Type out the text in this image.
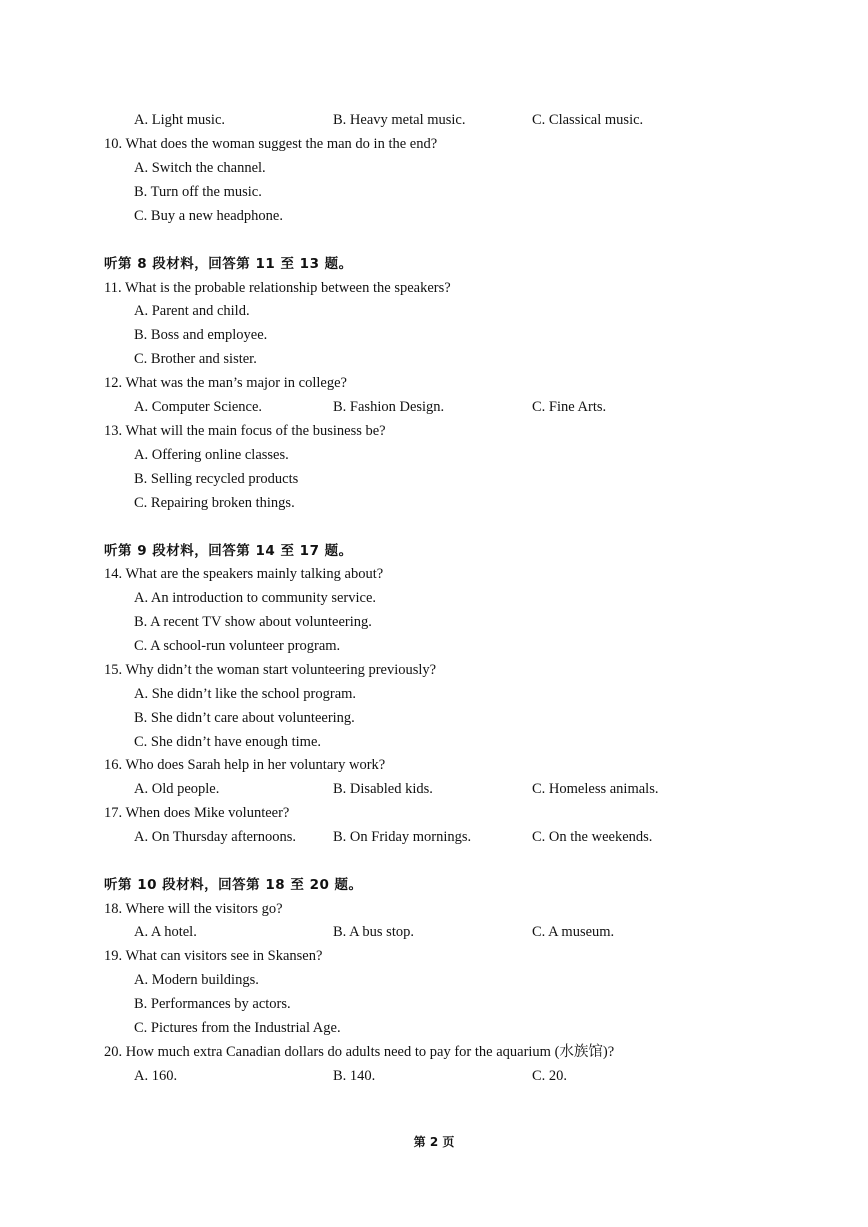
A. Light music.	B. Heavy metal music.	C. Classical music.
10. What does the woman suggest the man do in the end?
A. Switch the channel.
B. Turn off the music.
C. Buy a new headphone.
听第 8 段材料，回答第 11 至 13 题。
11. What is the probable relationship between the speakers?
A. Parent and child.
B. Boss and employee.
C. Brother and sister.
12. What was the man’s major in college?
A. Computer Science.	B. Fashion Design.	C. Fine Arts.
13. What will the main focus of the business be?
A. Offering online classes.
B. Selling recycled products
C. Repairing broken things.
听第 9 段材料，回答第 14 至 17 题。
14. What are the speakers mainly talking about?
A. An introduction to community service.
B. A recent TV show about volunteering.
C. A school-run volunteer program.
15. Why didn’t the woman start volunteering previously?
A. She didn’t like the school program.
B. She didn’t care about volunteering.
C. She didn’t have enough time.
16. Who does Sarah help in her voluntary work?
A. Old people.	B. Disabled kids.	C. Homeless animals.
17. When does Mike volunteer?
A. On Thursday afternoons.	B. On Friday mornings.	C. On the weekends.
听第 10 段材料，回答第 18 至 20 题。
18. Where will the visitors go?
A. A hotel.	B. A bus stop.	C. A museum.
19. What can visitors see in Skansen?
A. Modern buildings.
B. Performances by actors.
C. Pictures from the Industrial Age.
20. How much extra Canadian dollars do adults need to pay for the aquarium (水族馆)?
A. 160.	B. 140.	C. 20.
第 2 页
